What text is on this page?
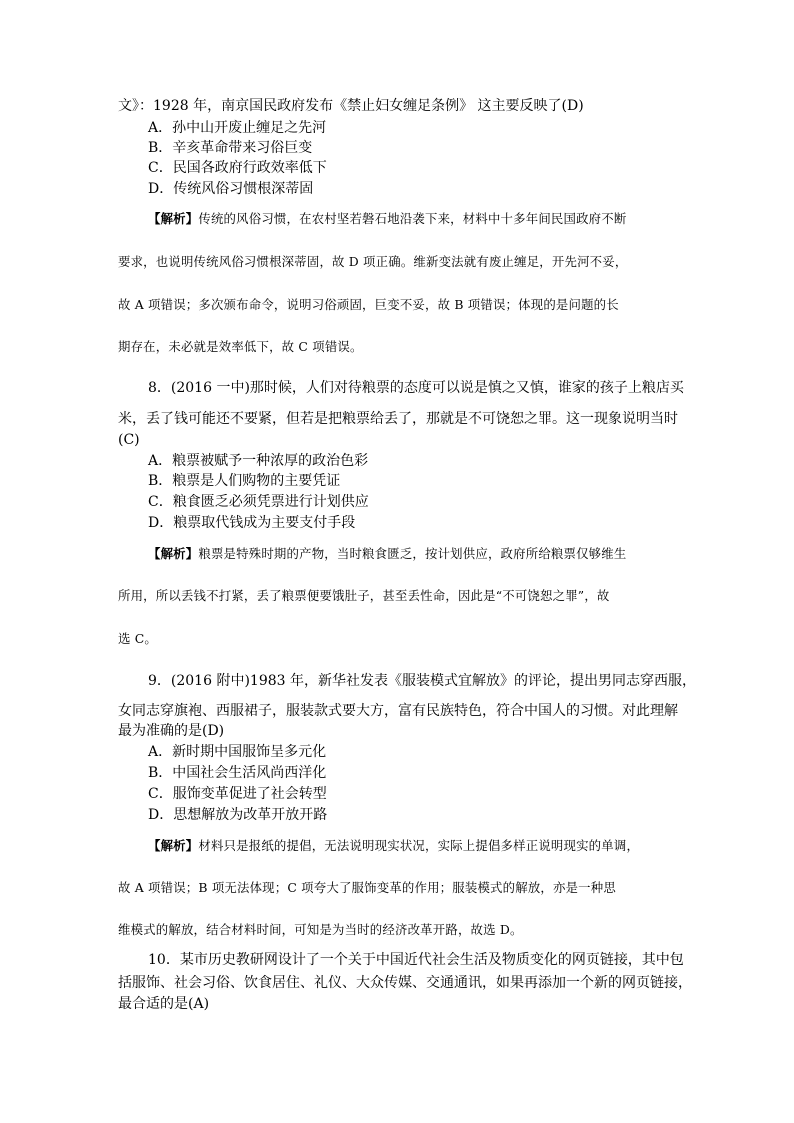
文》：1928 年，南京国民政府发布《禁止妇女缠足条例》 这主要反映了(D)
A．孙中山开废止缠足之先河
B．辛亥革命带来习俗巨变
C．民国各政府行政效率低下
D．传统风俗习惯根深蒂固
【解析】传统的风俗习惯，在农村坚若磐石地沿袭下来，材料中十多年间民国政府不断
要求，也说明传统风俗习惯根深蒂固，故 D 项正确。维新变法就有废止缠足，开先河不妥，
故 A 项错误；多次颁布命令，说明习俗顽固，巨变不妥，故 B 项错误；体现的是问题的长
期存在，未必就是效率低下，故 C 项错误。
8．(2016 一中)那时候，人们对待粮票的态度可以说是慎之又慎，谁家的孩子上粮店买
米，丢了钱可能还不要紧，但若是把粮票给丢了，那就是不可饶恕之罪。这一现象说明当时
(C)
A．粮票被赋予一种浓厚的政治色彩
B．粮票是人们购物的主要凭证
C．粮食匮乏必须凭票进行计划供应
D．粮票取代钱成为主要支付手段
【解析】粮票是特殊时期的产物，当时粮食匮乏，按计划供应，政府所给粮票仅够维生
所用，所以丢钱不打紧，丢了粮票便要饿肚子，甚至丢性命，因此是“不可饶恕之罪”，故
选 C。
9．(2016 附中)1983 年，新华社发表《服装模式宜解放》的评论，提出男同志穿西服，
女同志穿旗袍、西服裙子，服装款式要大方，富有民族特色，符合中国人的习惯。对此理解
最为准确的是(D)
A．新时期中国服饰呈多元化
B．中国社会生活风尚西洋化
C．服饰变革促进了社会转型
D．思想解放为改革开放开路
【解析】材料只是报纸的提倡，无法说明现实状况，实际上提倡多样正说明现实的单调，
故 A 项错误；B 项无法体现；C 项夸大了服饰变革的作用；服装模式的解放，亦是一种思
维模式的解放，结合材料时间，可知是为当时的经济改革开路，故选 D。
10．某市历史教研网设计了一个关于中国近代社会生活及物质变化的网页链接，其中包
括服饰、社会习俗、饮食居住、礼仪、大众传媒、交通通讯，如果再添加一个新的网页链接，
最合适的是(A)
